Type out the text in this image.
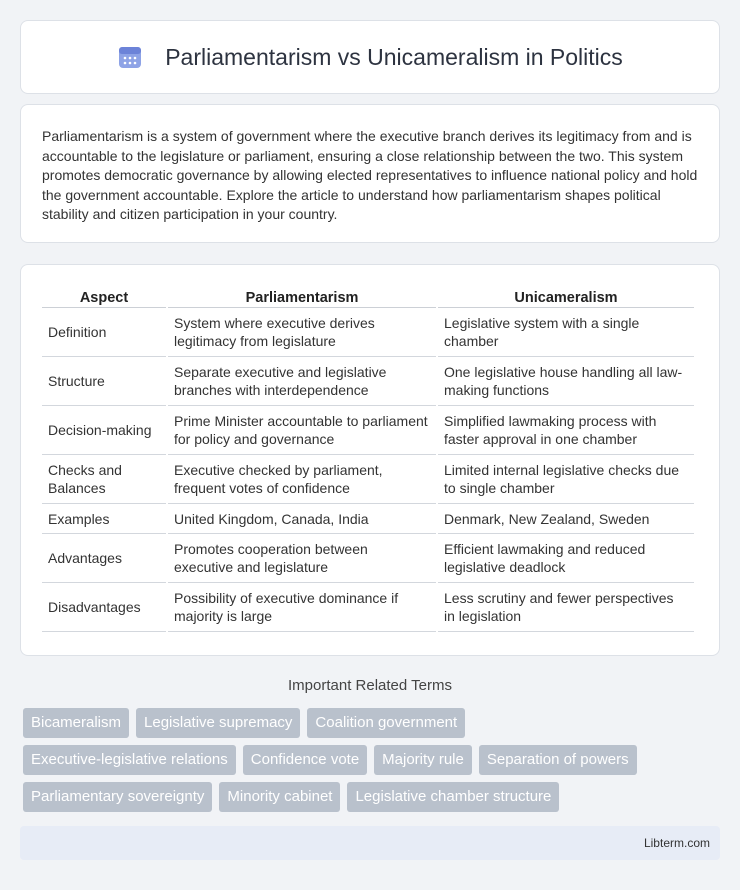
Parliamentarism vs Unicameralism in Politics

Parliamentarism is a system of government where the executive branch derives its legitimacy from and is accountable to the legislature or parliament, ensuring a close relationship between the two. This system promotes democratic governance by allowing elected representatives to influence national policy and hold the government accountable. Explore the article to understand how parliamentarism shapes political stability and citizen participation in your country.

Aspect	Parliamentarism	Unicameralism
Definition	System where executive derives legitimacy from legislature	Legislative system with a single chamber
Structure	Separate executive and legislative branches with interdependence	One legislative house handling all law-making functions
Decision-making	Prime Minister accountable to parliament for policy and governance	Simplified lawmaking process with faster approval in one chamber
Checks and Balances	Executive checked by parliament, frequent votes of confidence	Limited internal legislative checks due to single chamber
Examples	United Kingdom, Canada, India	Denmark, New Zealand, Sweden
Advantages	Promotes cooperation between executive and legislature	Efficient lawmaking and reduced legislative deadlock
Disadvantages	Possibility of executive dominance if majority is large	Less scrutiny and fewer perspectives in legislation
Important Related Terms
Bicameralism	Legislative supremacy	Coalition government
Executive-legislative relations	Confidence vote	Majority rule	Separation of powers
Parliamentary sovereignty	Minority cabinet	Legislative chamber structure
Libterm.com
